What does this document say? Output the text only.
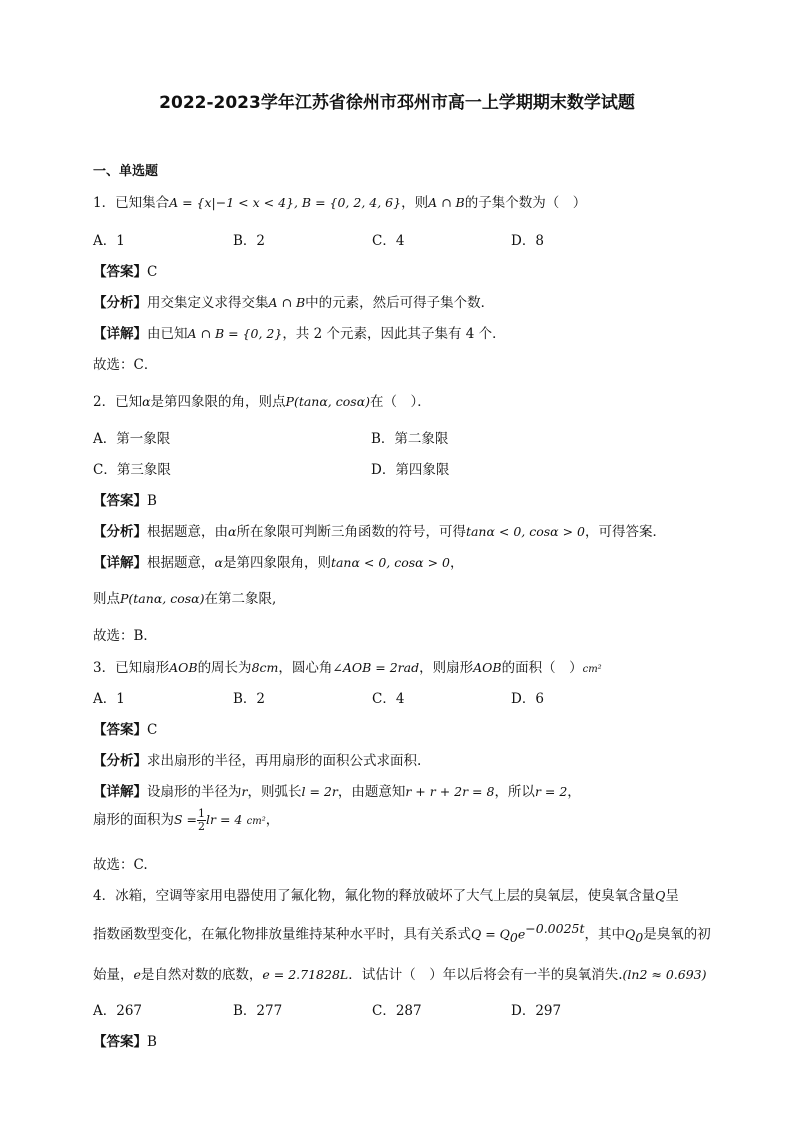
2022-2023学年江苏省徐州市邳州市高一上学期期末数学试题
一、单选题
1．已知集合A = {x|−1 < x < 4}, B = {0, 2, 4, 6}，则A ∩ B的子集个数为（　）
A．1	B．2	C．4	D．8
【答案】C
【分析】用交集定义求得交集A ∩ B中的元素，然后可得子集个数．
【详解】由已知A ∩ B = {0, 2}，共 2 个元素，因此其子集有 4 个．
故选：C．
2．已知α是第四象限的角，则点P(tanα, cosα)在（　）．
A．第一象限	B．第二象限
C．第三象限	D．第四象限
【答案】B
【分析】根据题意，由α所在象限可判断三角函数的符号，可得tanα < 0, cosα > 0，可得答案．
【详解】根据题意，α是第四象限角，则tanα < 0, cosα > 0，
则点P(tanα, cosα)在第二象限,
故选：B．
3．已知扇形AOB的周长为8cm，圆心角∠AOB = 2rad，则扇形AOB的面积（　）cm²
A．1	B．2	C．4	D．6
【答案】C
【分析】求出扇形的半径，再用扇形的面积公式求面积.
【详解】设扇形的半径为r，则弧长l = 2r，由题意知r + r + 2r = 8，所以r = 2，
扇形的面积为$S = \frac{1}{2}$ lr = 4 cm²，
故选：C.
4．冰箱，空调等家用电器使用了氟化物，氟化物的释放破坏了大气上层的臭氧层，使臭氧含量Q呈
指数函数型变化，在氟化物排放量维持某种水平时，具有关系式$Q = Q_0e^{-0.0025t}$，其中$Q_0$是臭氧的初
始量，e是自然对数的底数，e = 2.71828L．试估计（　）年以后将会有一半的臭氧消失.(ln2 ≈ 0.693)
A．267	B．277	C．287	D．297
【答案】B
